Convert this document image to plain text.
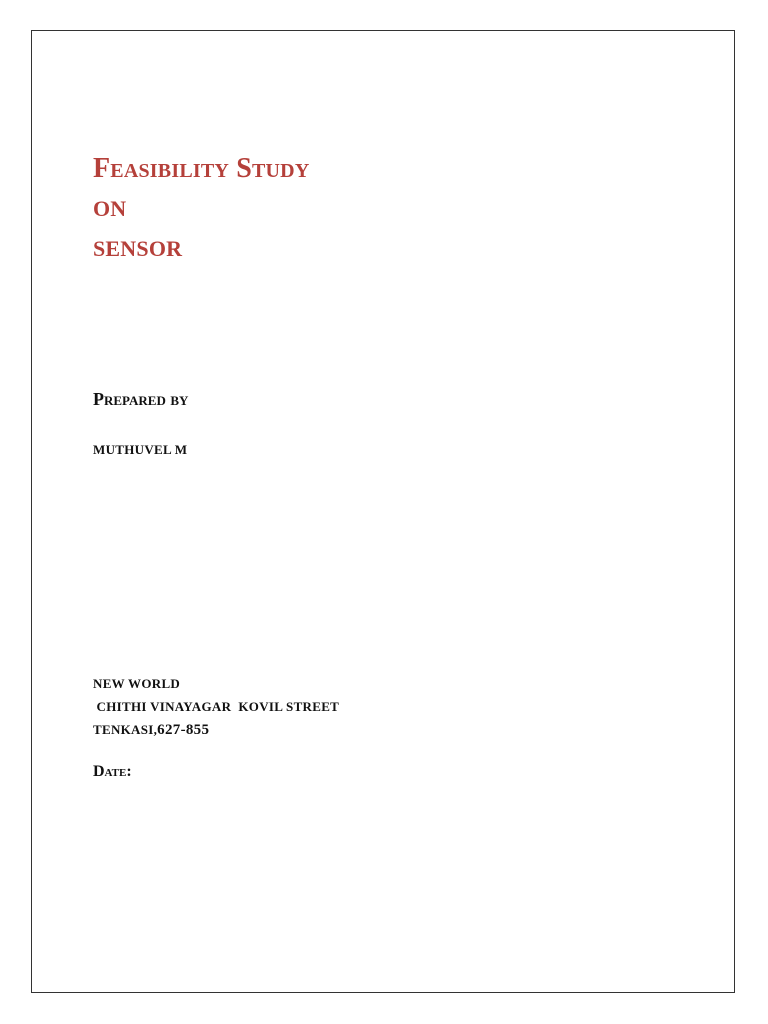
Feasibility Study
ON
SENSOR
Prepared by
MUTHUVEL M
NEW WORLD
CHITHI VINAYAGAR  KOVIL STREET
TENKASI,627-855
Date:
